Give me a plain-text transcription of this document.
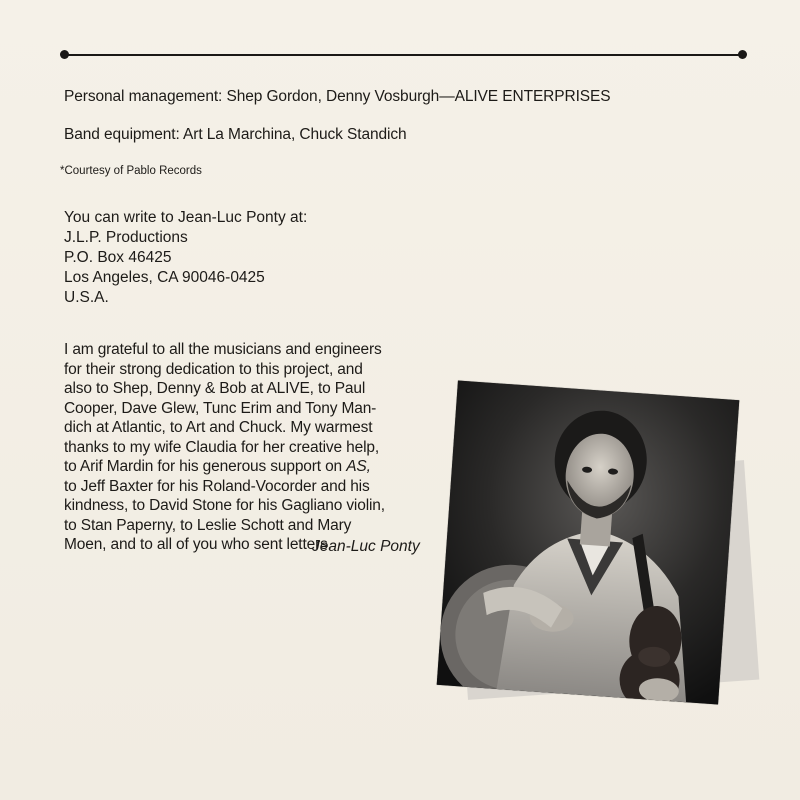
Personal management: Shep Gordon, Denny Vosburgh—ALIVE ENTERPRISES
Band equipment: Art La Marchina, Chuck Standich
*Courtesy of Pablo Records
You can write to Jean-Luc Ponty at:
J.L.P. Productions
P.O. Box 46425
Los Angeles, CA 90046-0425
U.S.A.
I am grateful to all the musicians and engineers
for their strong dedication to this project, and
also to Shep, Denny & Bob at ALIVE, to Paul
Cooper, Dave Glew, Tunc Erim and Tony Man-
dich at Atlantic, to Art and Chuck. My warmest
thanks to my wife Claudia for her creative help,
to Arif Mardin for his generous support on AS,
to Jeff Baxter for his Roland-Vocorder and his
kindness, to David Stone for his Gagliano violin,
to Stan Paperny, to Leslie Schott and Mary
Moen, and to all of you who sent letters.
Jean-Luc Ponty
